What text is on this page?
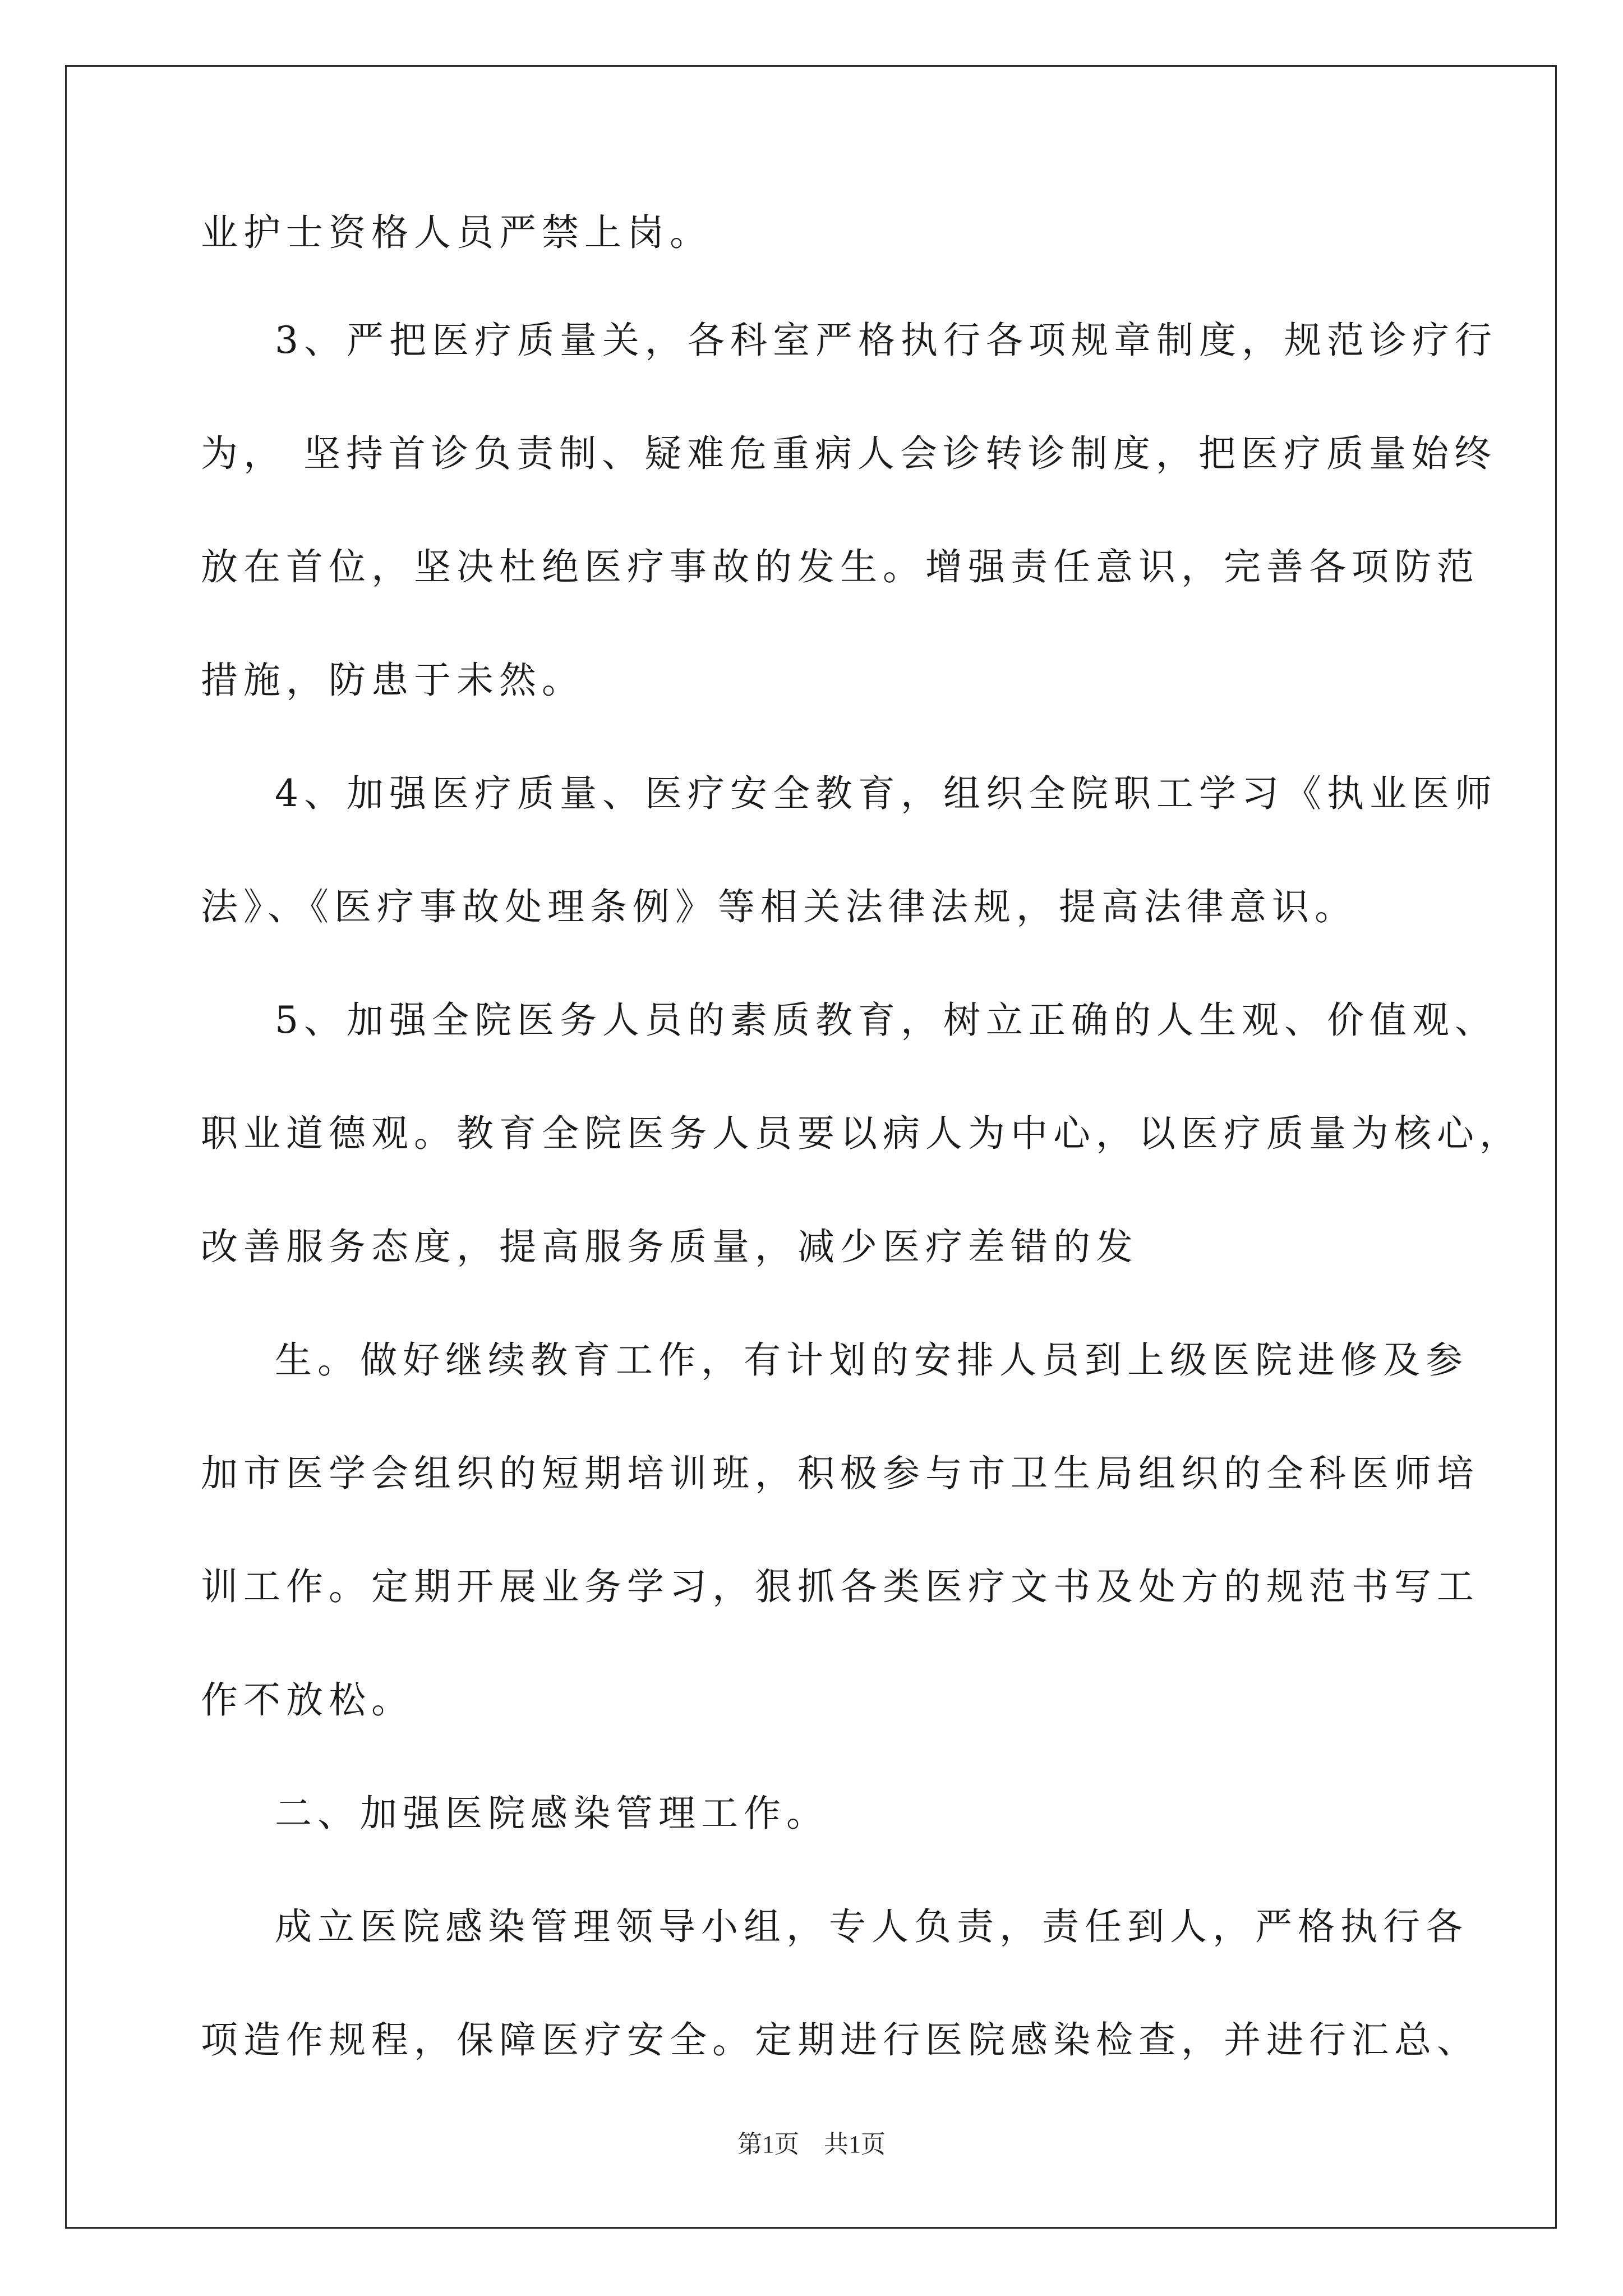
业护士资格人员严禁上岗。
3、严把医疗质量关，各科室严格执行各项规章制度，规范诊疗行
为， 坚持首诊负责制、疑难危重病人会诊转诊制度，把医疗质量始终
放在首位，坚决杜绝医疗事故的发生。增强责任意识，完善各项防范
措施，防患于未然。
4、加强医疗质量、医疗安全教育，组织全院职工学习《执业医师
法》、《医疗事故处理条例》等相关法律法规，提高法律意识。
5、加强全院医务人员的素质教育，树立正确的人生观、价值观、
职业道德观。教育全院医务人员要以病人为中心，以医疗质量为核心，
改善服务态度，提高服务质量，减少医疗差错的发
生。做好继续教育工作，有计划的安排人员到上级医院进修及参
加市医学会组织的短期培训班，积极参与市卫生局组织的全科医师培
训工作。定期开展业务学习，狠抓各类医疗文书及处方的规范书写工
作不放松。
二、加强医院感染管理工作。
成立医院感染管理领导小组，专人负责，责任到人，严格执行各
项造作规程，保障医疗安全。定期进行医院感染检查，并进行汇总、
第1页　共1页
